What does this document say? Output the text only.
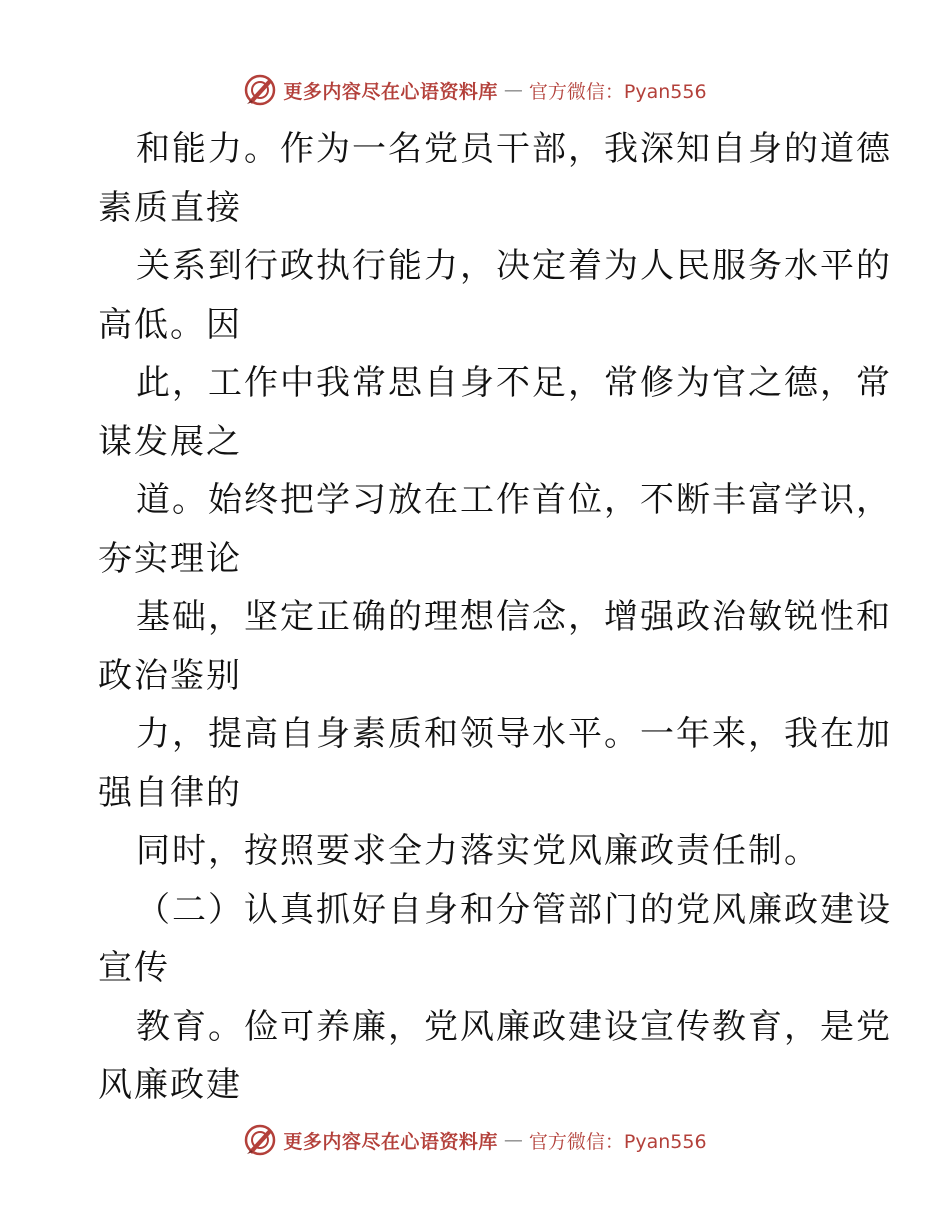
更多内容尽在心语资料库 — 官方微信：Pyan556
和能力。作为一名党员干部，我深知自身的道德
素质直接
关系到行政执行能力，决定着为人民服务水平的
高低。因
此，工作中我常思自身不足，常修为官之德，常
谋发展之
道。始终把学习放在工作首位，不断丰富学识，
夯实理论
基础，坚定正确的理想信念，增强政治敏锐性和
政治鉴别
力，提高自身素质和领导水平。一年来，我在加
强自律的
同时，按照要求全力落实党风廉政责任制。
（二）认真抓好自身和分管部门的党风廉政建设
宣传
教育。俭可养廉，党风廉政建设宣传教育，是党
风廉政建
更多内容尽在心语资料库 — 官方微信：Pyan556
